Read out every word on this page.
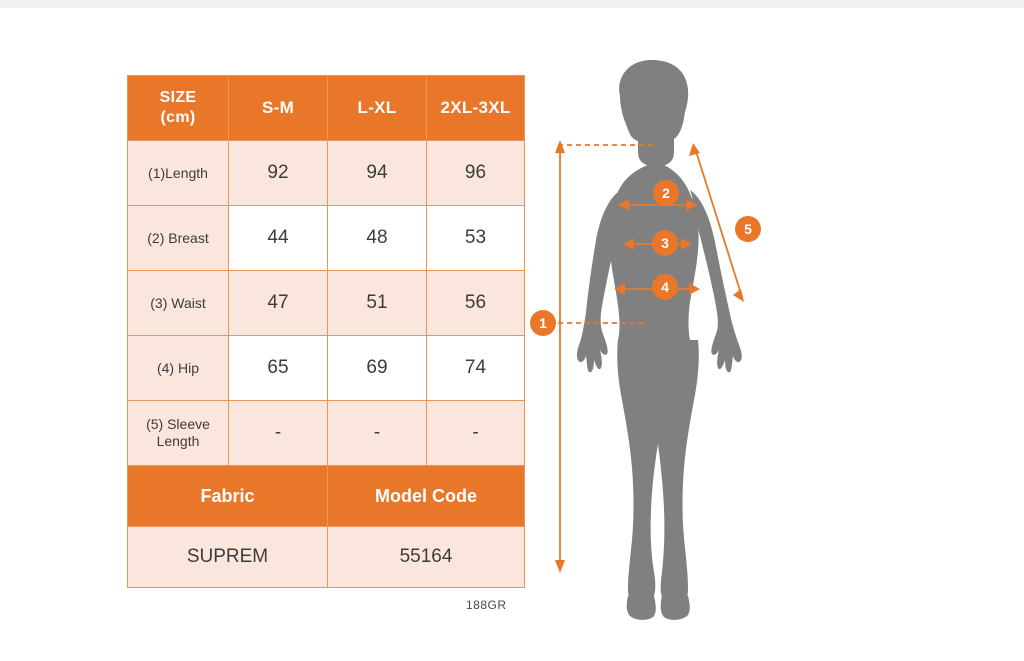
SIZE
(cm)	S-M	L-XL	2XL-3XL
(1)Length	92	94	96
(2) Breast	44	48	53
(3) Waist	47	51	56
(4) Hip	65	69	74
(5) Sleeve
Length	-	-	-
Fabric		Model Code	
SUPREM		55164	
188GR
1
2
3
4
5
